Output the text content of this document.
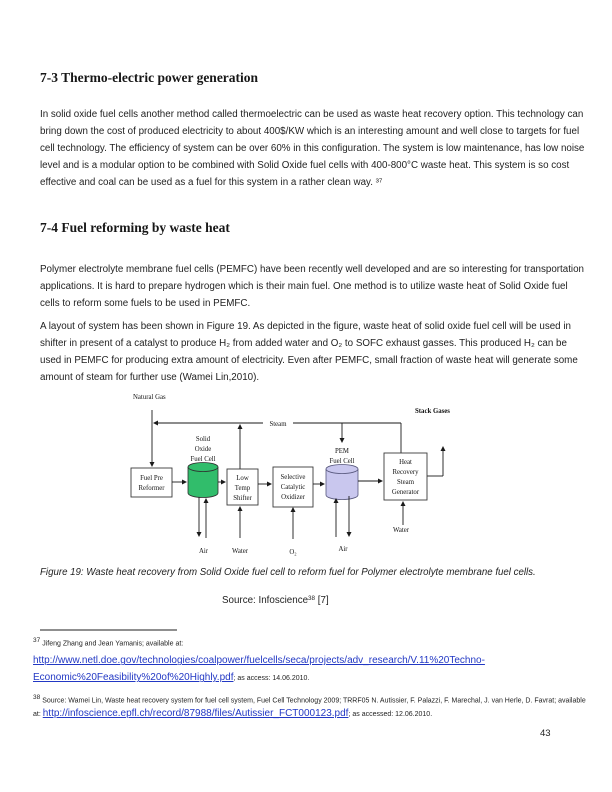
7-3 Thermo-electric power generation

In solid oxide fuel cells another method called thermoelectric can be used as waste heat recovery option. This technology can bring down the cost of produced electricity to about 400$/KW which is an interesting amount and well close to targets for fuel cell technology. The efficiency of system can be over 60% in this configuration. The system is low maintenance, has low noise level and is a modular option to be combined with Solid Oxide fuel cells with 400-800°C waste heat. This system is so cost effective and coal can be used as a fuel for this system in a rather clean way. ³⁷

7-4 Fuel reforming by waste heat

Polymer electrolyte membrane fuel cells (PEMFC) have been recently well developed and are so interesting for transportation applications. It is hard to prepare hydrogen which is their main fuel. One method is to utilize waste heat of Solid Oxide fuel cells to reform some fuels to be used in PEMFC.

A layout of system has been shown in Figure 19. As depicted in the figure, waste heat of solid oxide fuel cell will be used in shifter in present of a catalyst to produce H₂ from added water and O₂ to SOFC exhaust gasses. This produced H₂ can be used in PEMFC for producing extra amount of electricity. Even after PEMFC, small fraction of waste heat will generate some amount of steam for further use (Wamei Lin,2010).

Natural Gas
Stack Gases
Steam
Fuel Pre
Reformer
Solid
Oxide
Fuel Cell
Low
Temp
Shifter
Selective
Catalytic
Oxidizer
PEM
Fuel Cell	Heat
Recovery
Steam
Generator
Air	Water	O₂	Air
Water
Figure 19: Waste heat recovery from Solid Oxide fuel cell to reform fuel for Polymer electrolyte membrane fuel cells.
Source: Infoscience$^{38}$ [7]
$^{37}$ Jifeng Zhang and Jean Yamanis; available at:
http://www.netl.doe.gov/technologies/coalpower/fuelcells/seca/projects/adv_research/V.11%20Techno-
Economic%20Feasibility%20of%20Highly.pdf; as access: 14.06.2010.
$^{38}$ Source: Wamei Lin, Waste heat recovery system for fuel cell system, Fuel Cell Technology 2009; TRRF05 N. Autissier, F. Palazzi, F. Marechal, J. van Herle, D. Favrat; available at: http://infoscience.epfl.ch/record/87988/files/Autissier_FCT000123.pdf; as accessed: 12.06.2010.
43
